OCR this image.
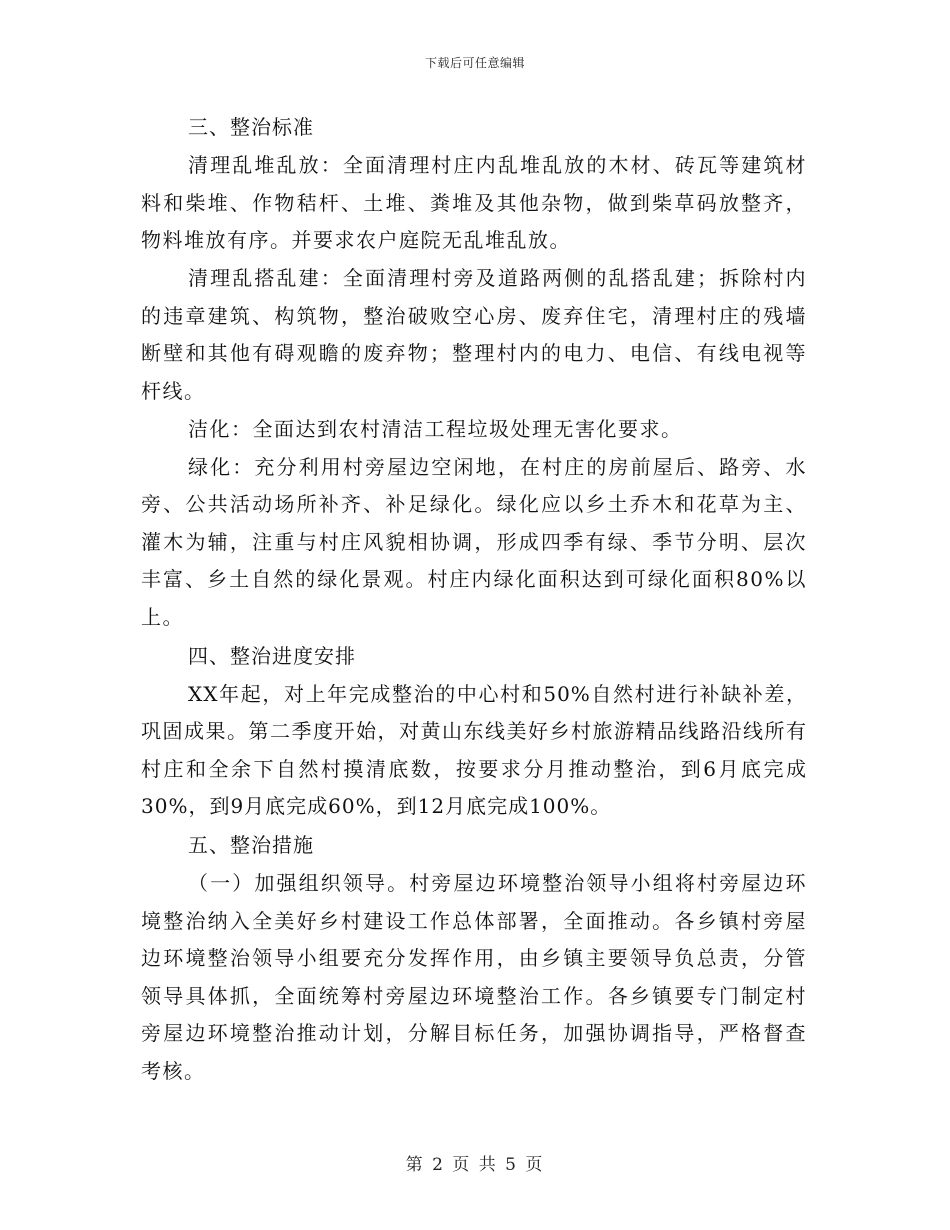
下载后可任意编辑
三、整治标准
清理乱堆乱放：全面清理村庄内乱堆乱放的木材、砖瓦等建筑材料和柴堆、作物秸杆、土堆、粪堆及其他杂物，做到柴草码放整齐，物料堆放有序。并要求农户庭院无乱堆乱放。
清理乱搭乱建：全面清理村旁及道路两侧的乱搭乱建；拆除村内的违章建筑、构筑物，整治破败空心房、废弃住宅，清理村庄的残墙断壁和其他有碍观瞻的废弃物；整理村内的电力、电信、有线电视等杆线。
洁化：全面达到农村清洁工程垃圾处理无害化要求。
绿化：充分利用村旁屋边空闲地，在村庄的房前屋后、路旁、水旁、公共活动场所补齐、补足绿化。绿化应以乡土乔木和花草为主、灌木为辅，注重与村庄风貌相协调，形成四季有绿、季节分明、层次丰富、乡土自然的绿化景观。村庄内绿化面积达到可绿化面积80%以上。
四、整治进度安排
XX年起，对上年完成整治的中心村和50%自然村进行补缺补差，巩固成果。第二季度开始，对黄山东线美好乡村旅游精品线路沿线所有村庄和全余下自然村摸清底数，按要求分月推动整治，到6月底完成30%，到9月底完成60%，到12月底完成100%。
五、整治措施
（一）加强组织领导。村旁屋边环境整治领导小组将村旁屋边环境整治纳入全美好乡村建设工作总体部署，全面推动。各乡镇村旁屋边环境整治领导小组要充分发挥作用，由乡镇主要领导负总责，分管领导具体抓，全面统筹村旁屋边环境整治工作。各乡镇要专门制定村旁屋边环境整治推动计划，分解目标任务，加强协调指导，严格督查考核。
第 2 页 共 5 页
